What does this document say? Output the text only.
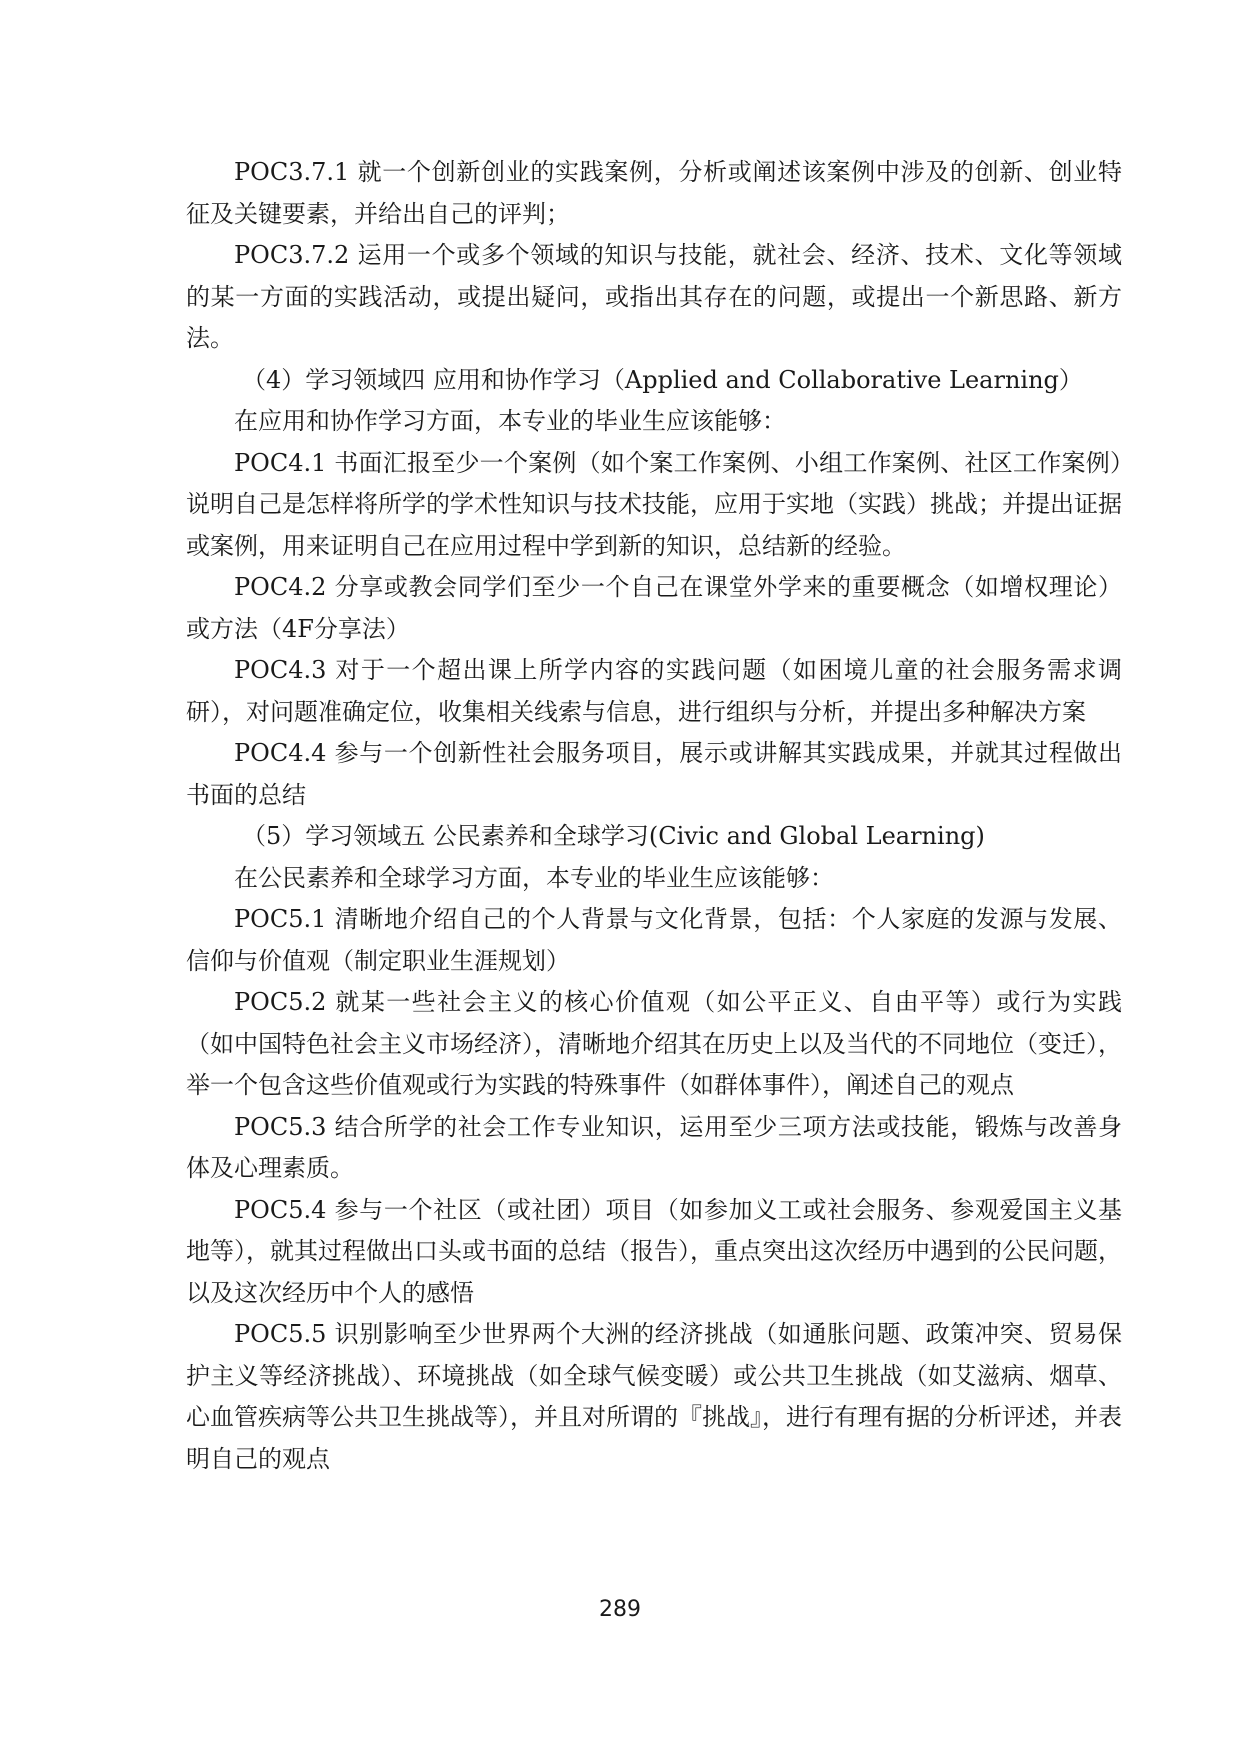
POC3.7.1 就一个创新创业的实践案例，分析或阐述该案例中涉及的创新、创业特征及关键要素，并给出自己的评判；

POC3.7.2 运用一个或多个领域的知识与技能，就社会、经济、技术、文化等领域的某一方面的实践活动，或提出疑问，或指出其存在的问题，或提出一个新思路、新方法。

（4）学习领域四 应用和协作学习（Applied and Collaborative Learning）

在应用和协作学习方面，本专业的毕业生应该能够：

POC4.1 书面汇报至少一个案例（如个案工作案例、小组工作案例、社区工作案例）说明自己是怎样将所学的学术性知识与技术技能，应用于实地（实践）挑战；并提出证据或案例，用来证明自己在应用过程中学到新的知识，总结新的经验。

POC4.2 分享或教会同学们至少一个自己在课堂外学来的重要概念（如增权理论）或方法（4F分享法）

POC4.3 对于一个超出课上所学内容的实践问题（如困境儿童的社会服务需求调研），对问题准确定位，收集相关线索与信息，进行组织与分析，并提出多种解决方案

POC4.4 参与一个创新性社会服务项目，展示或讲解其实践成果，并就其过程做出书面的总结

（5）学习领域五 公民素养和全球学习(Civic and Global Learning)

在公民素养和全球学习方面，本专业的毕业生应该能够：

POC5.1 清晰地介绍自己的个人背景与文化背景，包括：个人家庭的发源与发展、信仰与价值观（制定职业生涯规划）

POC5.2 就某一些社会主义的核心价值观（如公平正义、自由平等）或行为实践（如中国特色社会主义市场经济），清晰地介绍其在历史上以及当代的不同地位（变迁），举一个包含这些价值观或行为实践的特殊事件（如群体事件），阐述自己的观点

POC5.3 结合所学的社会工作专业知识，运用至少三项方法或技能，锻炼与改善身体及心理素质。

POC5.4 参与一个社区（或社团）项目（如参加义工或社会服务、参观爱国主义基地等），就其过程做出口头或书面的总结（报告），重点突出这次经历中遇到的公民问题，以及这次经历中个人的感悟

POC5.5 识别影响至少世界两个大洲的经济挑战（如通胀问题、政策冲突、贸易保护主义等经济挑战）、环境挑战（如全球气候变暖）或公共卫生挑战（如艾滋病、烟草、心血管疾病等公共卫生挑战等），并且对所谓的『挑战』，进行有理有据的分析评述，并表明自己的观点

289
